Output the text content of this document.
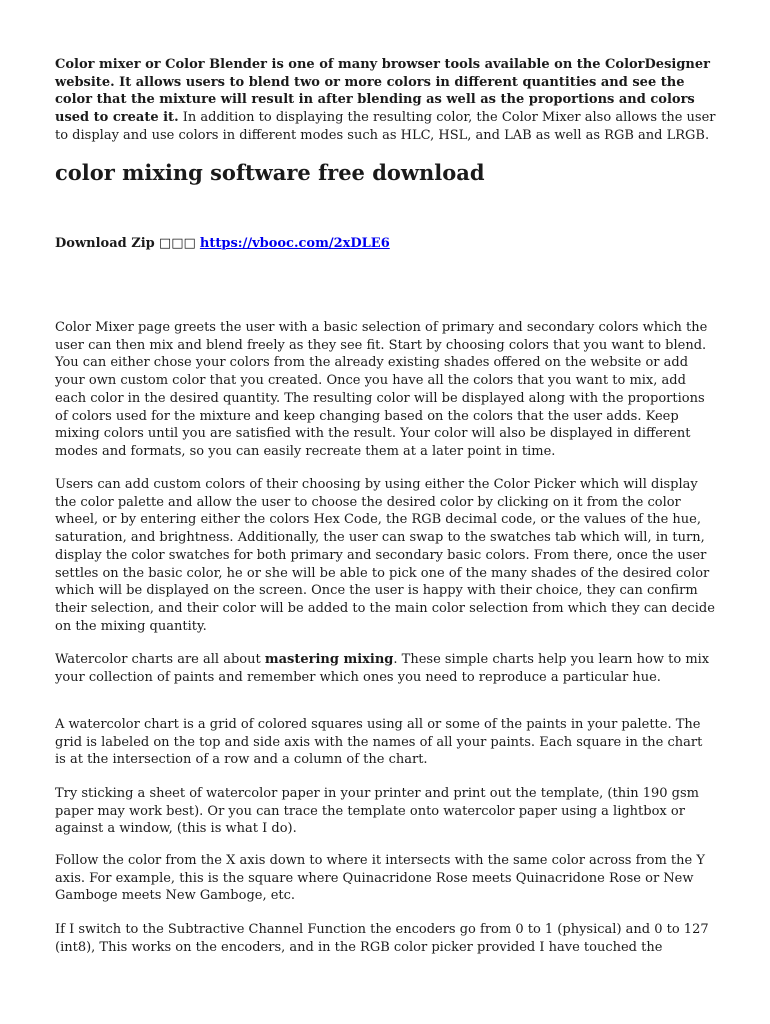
Color mixer or Color Blender is one of many browser tools available on the ColorDesigner website. It allows users to blend two or more colors in different quantities and see the color that the mixture will result in after blending as well as the proportions and colors used to create it. In addition to displaying the resulting color, the Color Mixer also allows the user to display and use colors in different modes such as HLC, HSL, and LAB as well as RGB and LRGB.

color mixing software free download

Download Zip □□□ https://vbooc.com/2xDLE6

Color Mixer page greets the user with a basic selection of primary and secondary colors which the user can then mix and blend freely as they see fit. Start by choosing colors that you want to blend. You can either chose your colors from the already existing shades offered on the website or add your own custom color that you created. Once you have all the colors that you want to mix, add each color in the desired quantity. The resulting color will be displayed along with the proportions of colors used for the mixture and keep changing based on the colors that the user adds. Keep mixing colors until you are satisfied with the result. Your color will also be displayed in different modes and formats, so you can easily recreate them at a later point in time.

Users can add custom colors of their choosing by using either the Color Picker which will display the color palette and allow the user to choose the desired color by clicking on it from the color wheel, or by entering either the colors Hex Code, the RGB decimal code, or the values of the hue, saturation, and brightness. Additionally, the user can swap to the swatches tab which will, in turn, display the color swatches for both primary and secondary basic colors. From there, once the user settles on the basic color, he or she will be able to pick one of the many shades of the desired color which will be displayed on the screen. Once the user is happy with their choice, they can confirm their selection, and their color will be added to the main color selection from which they can decide on the mixing quantity.

Watercolor charts are all about mastering mixing. These simple charts help you learn how to mix your collection of paints and remember which ones you need to reproduce a particular hue.

A watercolor chart is a grid of colored squares using all or some of the paints in your palette. The grid is labeled on the top and side axis with the names of all your paints. Each square in the chart is at the intersection of a row and a column of the chart.

Try sticking a sheet of watercolor paper in your printer and print out the template, (thin 190 gsm paper may work best). Or you can trace the template onto watercolor paper using a lightbox or against a window, (this is what I do).

Follow the color from the X axis down to where it intersects with the same color across from the Y axis. For example, this is the square where Quinacridone Rose meets Quinacridone Rose or New Gamboge meets New Gamboge, etc.

If I switch to the Subtractive Channel Function the encoders go from 0 to 1 (physical) and 0 to 127 (int8), This works on the encoders, and in the RGB color picker provided I have touched the
